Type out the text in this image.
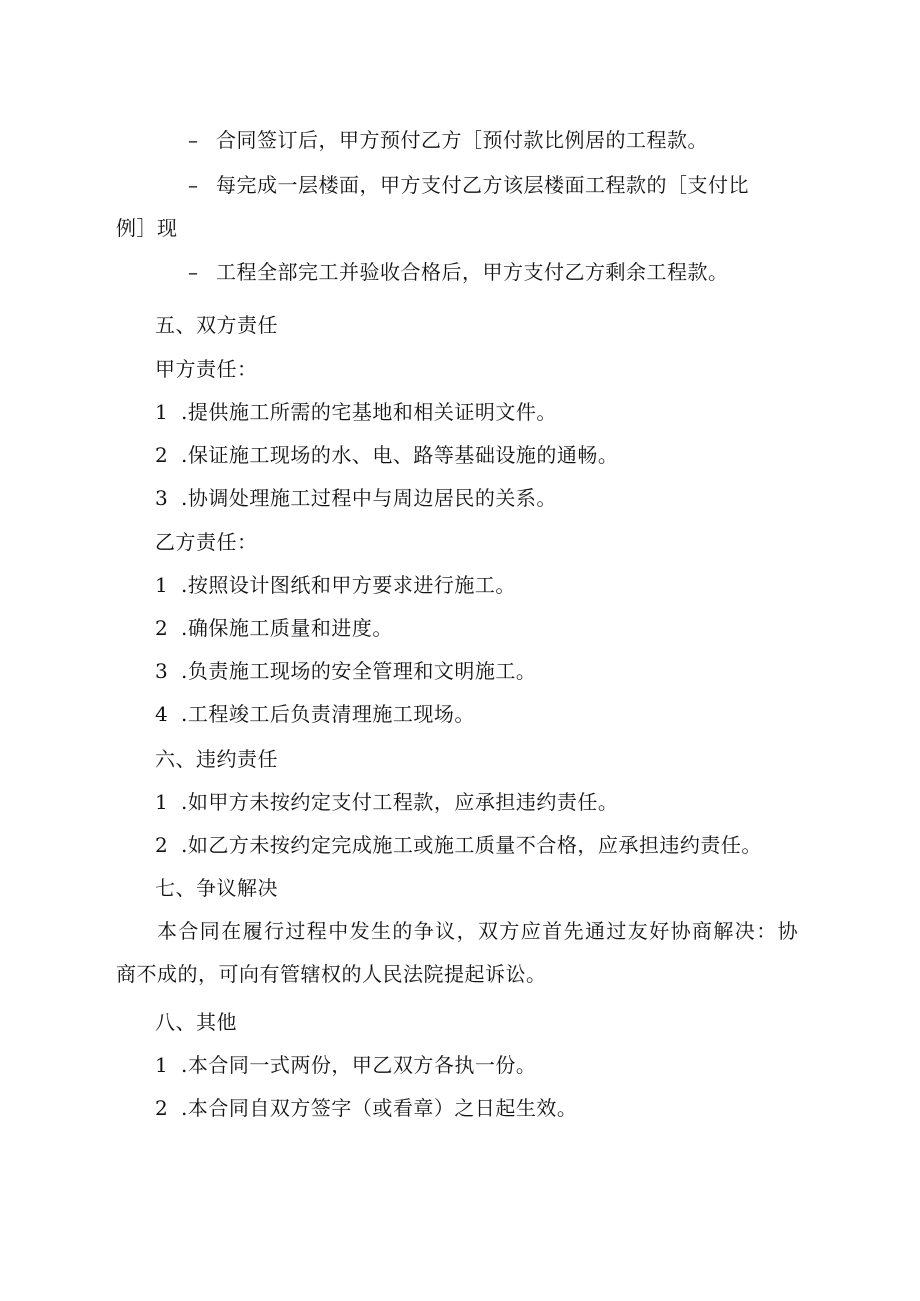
– 合同签订后，甲方预付乙方［预付款比例居的工程款。
– 每完成一层楼面，甲方支付乙方该层楼面工程款的［支付比
例］现
– 工程全部完工并验收合格后，甲方支付乙方剩余工程款。
五、双方责任
甲方责任：
1 .提供施工所需的宅基地和相关证明文件。
2 .保证施工现场的水、电、路等基础设施的通畅。
3 .协调处理施工过程中与周边居民的关系。
乙方责任：
1 .按照设计图纸和甲方要求进行施工。
2 .确保施工质量和进度。
3 .负责施工现场的安全管理和文明施工。
4 .工程竣工后负责清理施工现场。
六、违约责任
1 .如甲方未按约定支付工程款，应承担违约责任。
2 .如乙方未按约定完成施工或施工质量不合格，应承担违约责任。
七、争议解决
本合同在履行过程中发生的争议，双方应首先通过友好协商解决：协
商不成的，可向有管辖权的人民法院提起诉讼。
八、其他
1 .本合同一式两份，甲乙双方各执一份。
2 .本合同自双方签字（或看章）之日起生效。
